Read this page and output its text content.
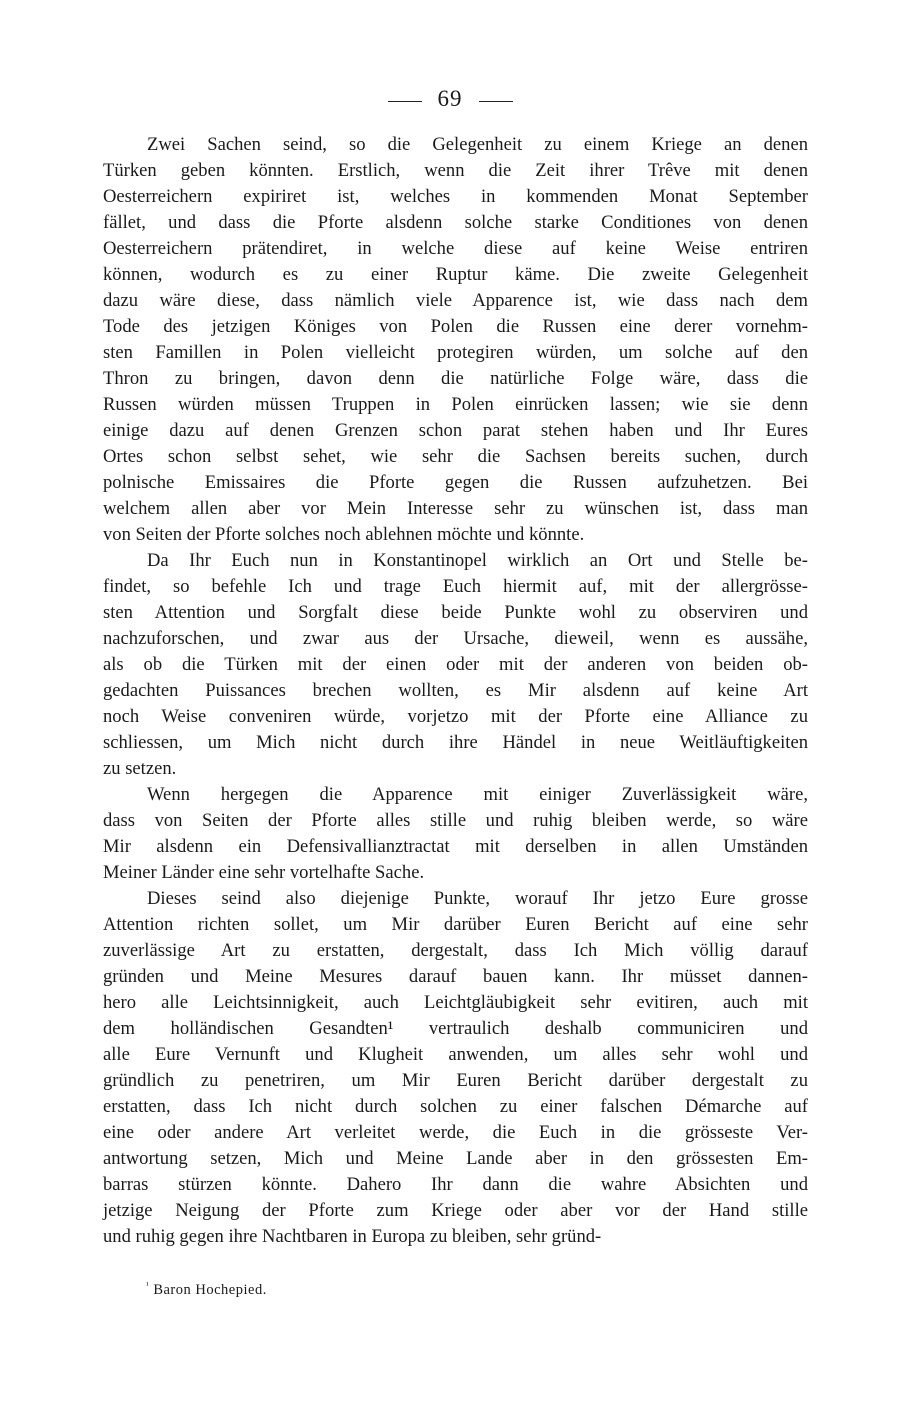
69
Zwei Sachen seind, so die Gelegenheit zu einem Kriege an denen
Türken geben könnten. Erstlich, wenn die Zeit ihrer Trêve mit denen
Oesterreichern expiriret ist, welches in kommenden Monat September
fället, und dass die Pforte alsdenn solche starke Conditiones von denen
Oesterreichern prätendiret, in welche diese auf keine Weise entriren
können, wodurch es zu einer Ruptur käme. Die zweite Gelegenheit
dazu wäre diese, dass nämlich viele Apparence ist, wie dass nach dem
Tode des jetzigen Königes von Polen die Russen eine derer vornehm-
sten Famillen in Polen vielleicht protegiren würden, um solche auf den
Thron zu bringen, davon denn die natürliche Folge wäre, dass die
Russen würden müssen Truppen in Polen einrücken lassen; wie sie denn
einige dazu auf denen Grenzen schon parat stehen haben und Ihr Eures
Ortes schon selbst sehet, wie sehr die Sachsen bereits suchen, durch
polnische Emissaires die Pforte gegen die Russen aufzuhetzen. Bei
welchem allen aber vor Mein Interesse sehr zu wünschen ist, dass man
von Seiten der Pforte solches noch ablehnen möchte und könnte.
Da Ihr Euch nun in Konstantinopel wirklich an Ort und Stelle be-
findet, so befehle Ich und trage Euch hiermit auf, mit der allergrösse-
sten Attention und Sorgfalt diese beide Punkte wohl zu observiren und
nachzuforschen, und zwar aus der Ursache, dieweil, wenn es aussähe,
als ob die Türken mit der einen oder mit der anderen von beiden ob-
gedachten Puissances brechen wollten, es Mir alsdenn auf keine Art
noch Weise conveniren würde, vorjetzo mit der Pforte eine Alliance zu
schliessen, um Mich nicht durch ihre Händel in neue Weitläuftigkeiten
zu setzen.
Wenn hergegen die Apparence mit einiger Zuverlässigkeit wäre,
dass von Seiten der Pforte alles stille und ruhig bleiben werde, so wäre
Mir alsdenn ein Defensivallianztractat mit derselben in allen Umständen
Meiner Länder eine sehr vortelhafte Sache.
Dieses seind also diejenige Punkte, worauf Ihr jetzo Eure grosse
Attention richten sollet, um Mir darüber Euren Bericht auf eine sehr
zuverlässige Art zu erstatten, dergestalt, dass Ich Mich völlig darauf
gründen und Meine Mesures darauf bauen kann. Ihr müsset dannen-
hero alle Leichtsinnigkeit, auch Leichtgläubigkeit sehr evitiren, auch mit
dem holländischen Gesandten¹ vertraulich deshalb communiciren und
alle Eure Vernunft und Klugheit anwenden, um alles sehr wohl und
gründlich zu penetriren, um Mir Euren Bericht darüber dergestalt zu
erstatten, dass Ich nicht durch solchen zu einer falschen Démarche auf
eine oder andere Art verleitet werde, die Euch in die grösseste Ver-
antwortung setzen, Mich und Meine Lande aber in den grössesten Em-
barras stürzen könnte. Dahero Ihr dann die wahre Absichten und
jetzige Neigung der Pforte zum Kriege oder aber vor der Hand stille
und ruhig gegen ihre Nachtbaren in Europa zu bleiben, sehr gründ-
$^{^1}$ Baron Hochepied.
